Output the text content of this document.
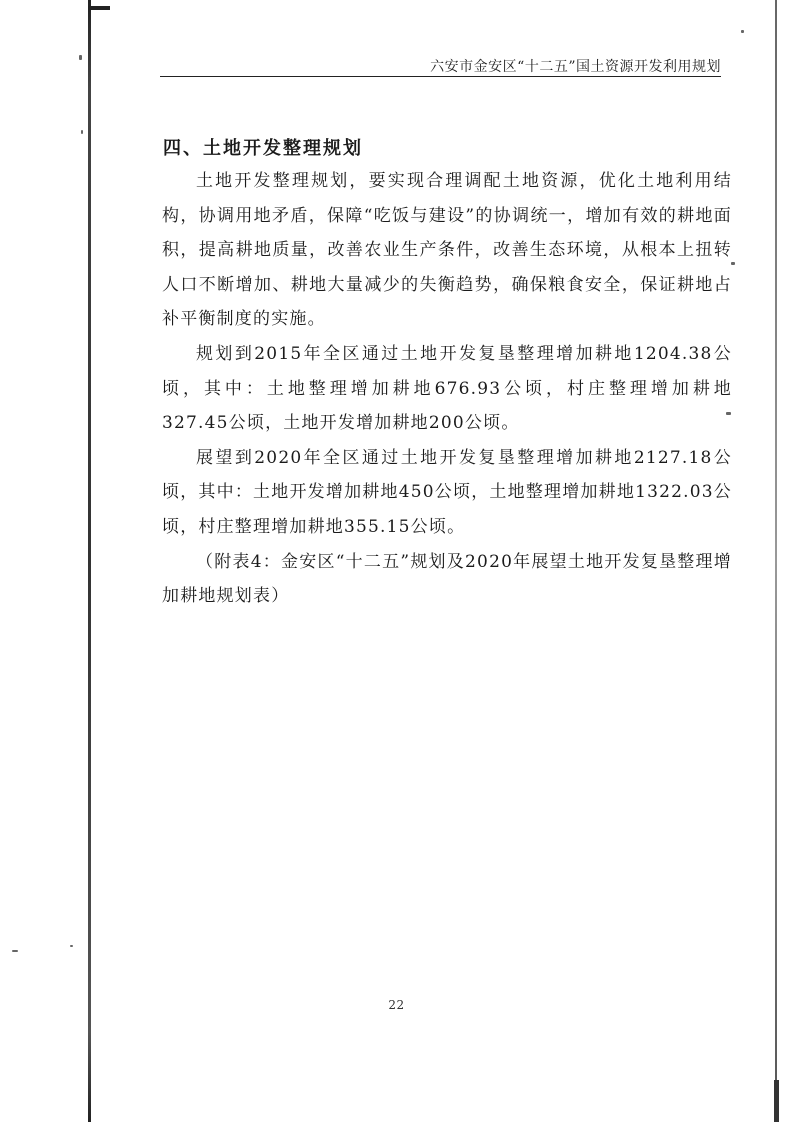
六安市金安区“十二五”国土资源开发利用规划
四、土地开发整理规划

土地开发整理规划，要实现合理调配土地资源，优化土地利用结构，协调用地矛盾，保障“吃饭与建设”的协调统一，增加有效的耕地面积，提高耕地质量，改善农业生产条件，改善生态环境，从根本上扭转人口不断增加、耕地大量减少的失衡趋势，确保粮食安全，保证耕地占补平衡制度的实施。

规划到2015年全区通过土地开发复垦整理增加耕地1204.38公顷，其中：土地整理增加耕地676.93公顷，村庄整理增加耕地327.45公顷，土地开发增加耕地200公顷。

展望到2020年全区通过土地开发复垦整理增加耕地2127.18公顷，其中：土地开发增加耕地450公顷，土地整理增加耕地1322.03公顷，村庄整理增加耕地355.15公顷。

（附表4：金安区“十二五”规划及2020年展望土地开发复垦整理增加耕地规划表）

22
